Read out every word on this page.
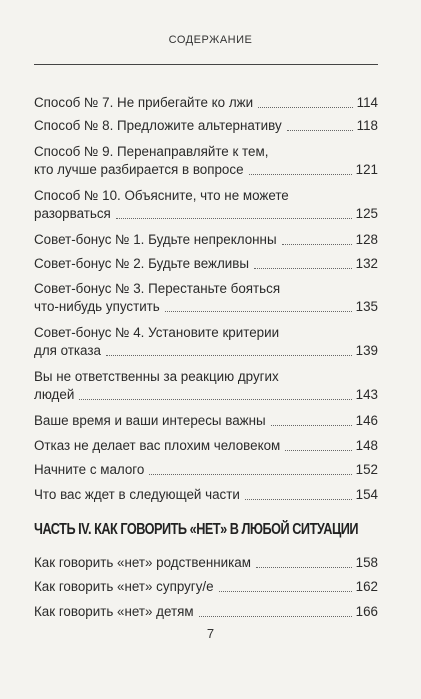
СОДЕРЖАНИЕ
Способ № 7. Не прибегайте ко лжи	114
Способ № 8. Предложите альтернативу	118
Способ № 9. Перенаправляйте к тем,
кто лучше разбирается в вопросе	121
Способ № 10. Объясните, что не можете
разорваться	125
Совет-бонус № 1. Будьте непреклонны	128
Совет-бонус № 2. Будьте вежливы	132
Совет-бонус № 3. Перестаньте бояться
что-нибудь упустить	135
Совет-бонус № 4. Установите критерии
для отказа	139
Вы не ответственны за реакцию других
людей	143
Ваше время и ваши интересы важны	146
Отказ не делает вас плохим человеком	148
Начните с малого	152
Что вас ждет в следующей части	154
ЧАСТЬ IV. КАК ГОВОРИТЬ «НЕТ» В ЛЮБОЙ СИТУАЦИИ
Как говорить «нет» родственникам	158
Как говорить «нет» супругу/е	162
Как говорить «нет» детям	166
7
